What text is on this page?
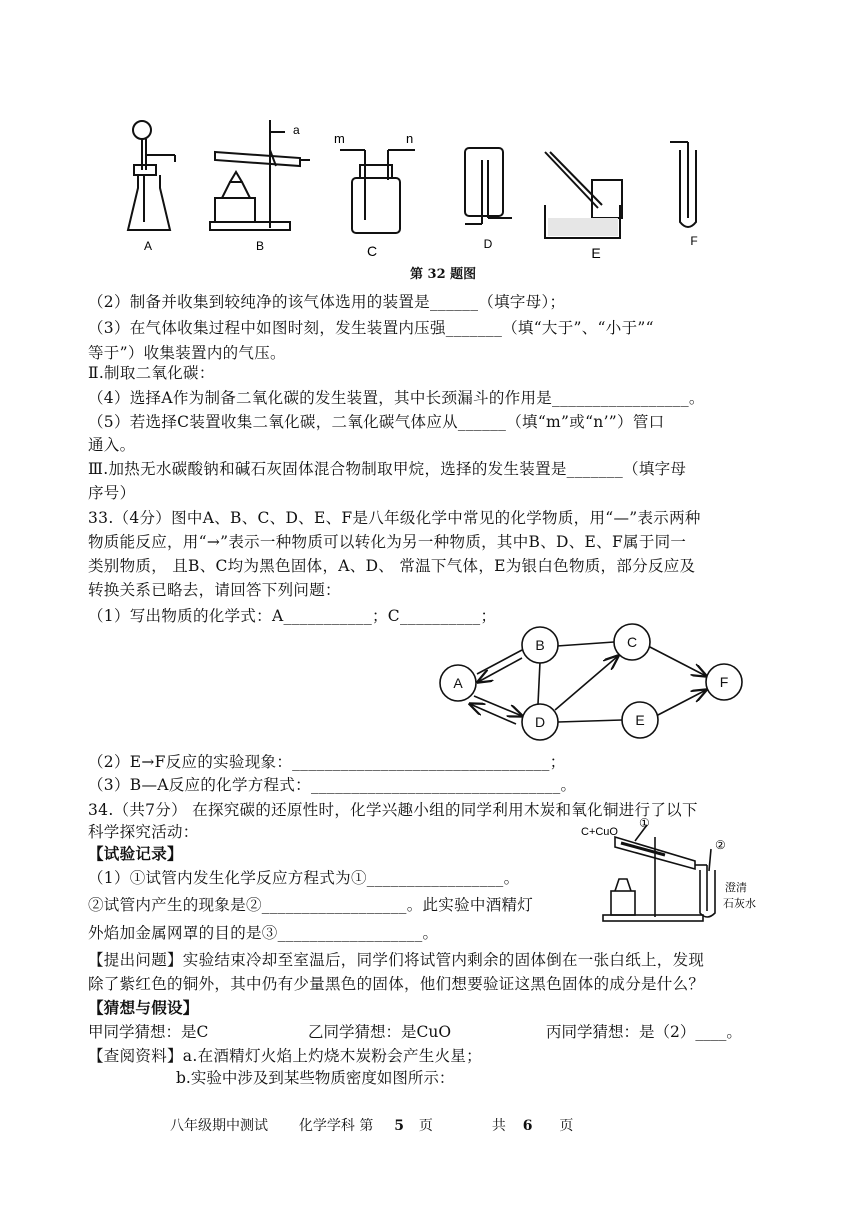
A	B	C	D
E
F
a
m	n
第 32 题图
（2）制备并收集到较纯净的该气体选用的装置是______（填字母）；
（3）在气体收集过程中如图时刻，发生装置内压强_______（填“大于”、“小于”“
等于”）收集装置内的气压。
Ⅱ.制取二氧化碳：
（4）选择A作为制备二氧化碳的发生装置，其中长颈漏斗的作用是_________________。
（5）若选择C装置收集二氧化碳，二氧化碳气体应从______（填“m”或“n’”）管口
通入。
Ⅲ.加热无水碳酸钠和碱石灰固体混合物制取甲烷，选择的发生装置是_______（填字母
序号）
33.（4分）图中A、B、C、D、E、F是八年级化学中常见的化学物质，用“—”表示两种
物质能反应，用“→”表示一种物质可以转化为另一种物质，其中B、D、E、F属于同一
类别物质， 且B、C均为黑色固体，A、D、 常温下气体，E为银白色物质，部分反应及
转换关系已略去，请回答下列问题：
（1）写出物质的化学式：A___________；C__________；
A
B	C
D	E
F
（2）E→F反应的实验现象：________________________________；
（3）B—A反应的化学方程式：_______________________________。
34.（共7分） 在探究碳的还原性时，化学兴趣小组的同学利用木炭和氧化铜进行了以下
科学探究活动：
【试验记录】
（1）①试管内发生化学反应方程式为①_________________。
②试管内产生的现象是②__________________。此实验中酒精灯
外焰加金属网罩的目的是③__________________。
C+CuO
①
②
澄清
石灰水
【提出问题】实验结束冷却至室温后，同学们将试管内剩余的固体倒在一张白纸上，发现
除了紫红色的铜外，其中仍有少量黑色的固体，他们想要验证这黑色固体的成分是什么？
【猜想与假设】
甲同学猜想：是C	乙同学猜想：是CuO	丙同学猜想：是（2）____。
【查阅资料】a.在酒精灯火焰上灼烧木炭粉会产生火星；
b.实验中涉及到某些物质密度如图所示：
八年级期中测试 化学学科 第 5 页	共 6 页
